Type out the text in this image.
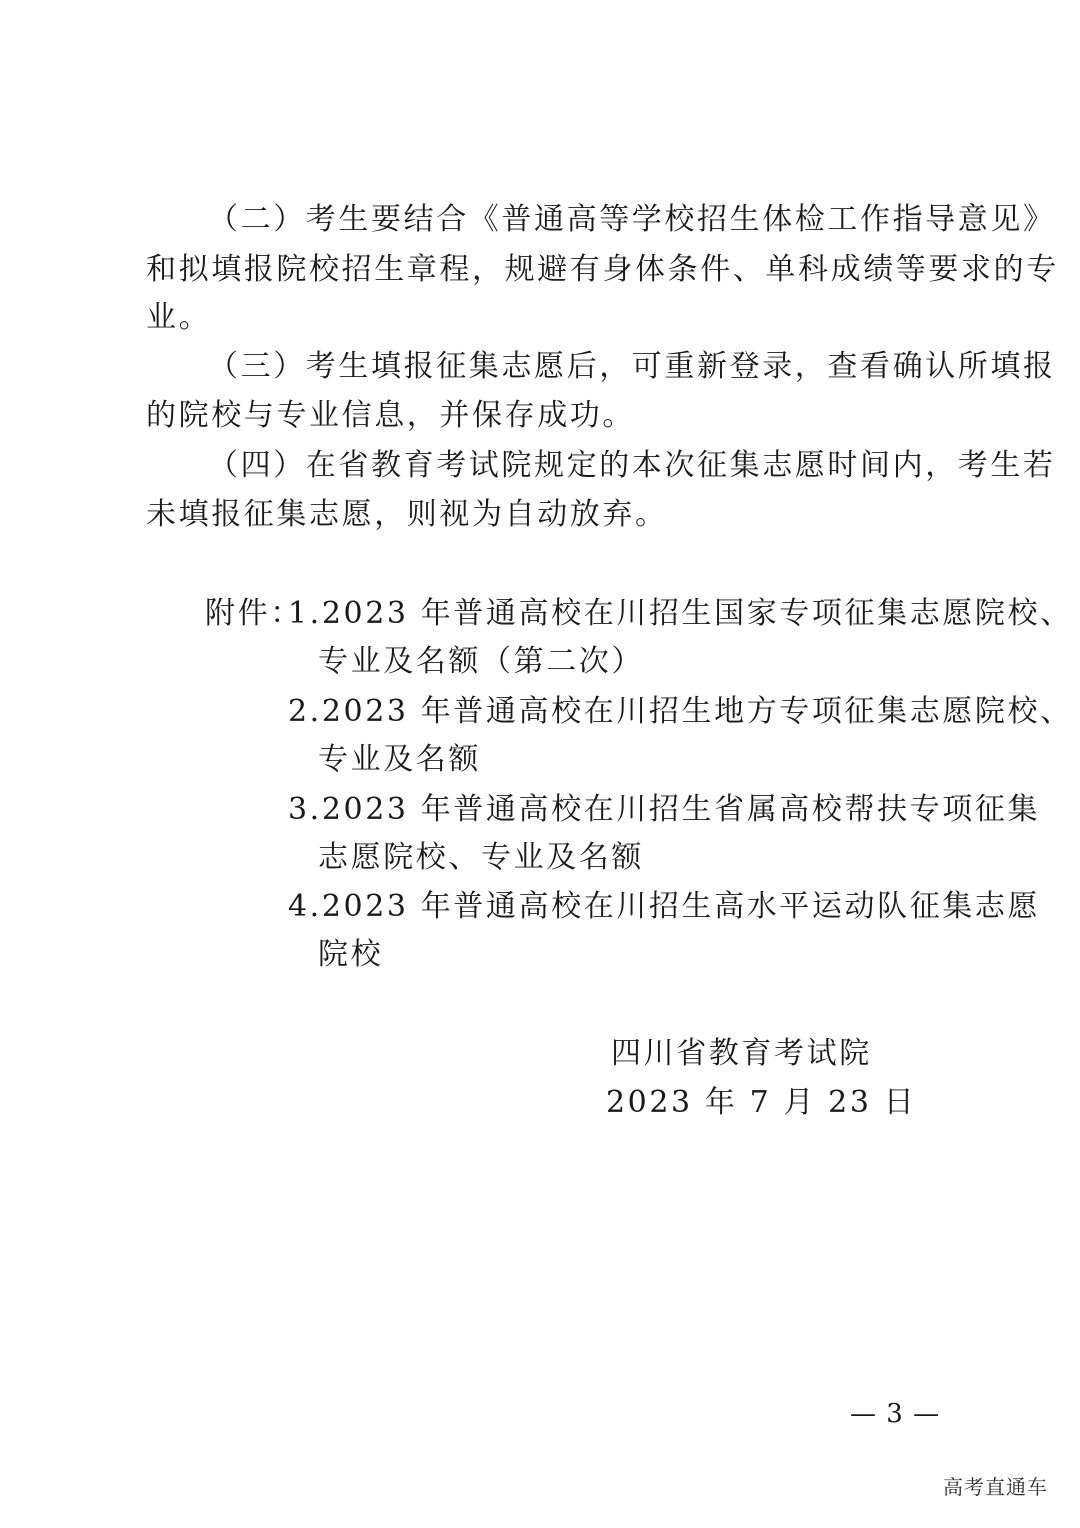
（二）考生要结合《普通高等学校招生体检工作指导意见》
和拟填报院校招生章程，规避有身体条件、单科成绩等要求的专
业。
（三）考生填报征集志愿后，可重新登录，查看确认所填报
的院校与专业信息，并保存成功。
（四）在省教育考试院规定的本次征集志愿时间内，考生若
未填报征集志愿，则视为自动放弃。
附件：
1.2023 年普通高校在川招生国家专项征集志愿院校、
专业及名额（第二次）
2.2023 年普通高校在川招生地方专项征集志愿院校、
专业及名额
3.2023 年普通高校在川招生省属高校帮扶专项征集
志愿院校、专业及名额
4.2023 年普通高校在川招生高水平运动队征集志愿
院校
四川省教育考试院
2023 年 7 月 23 日
— 3 —
高考直通车
